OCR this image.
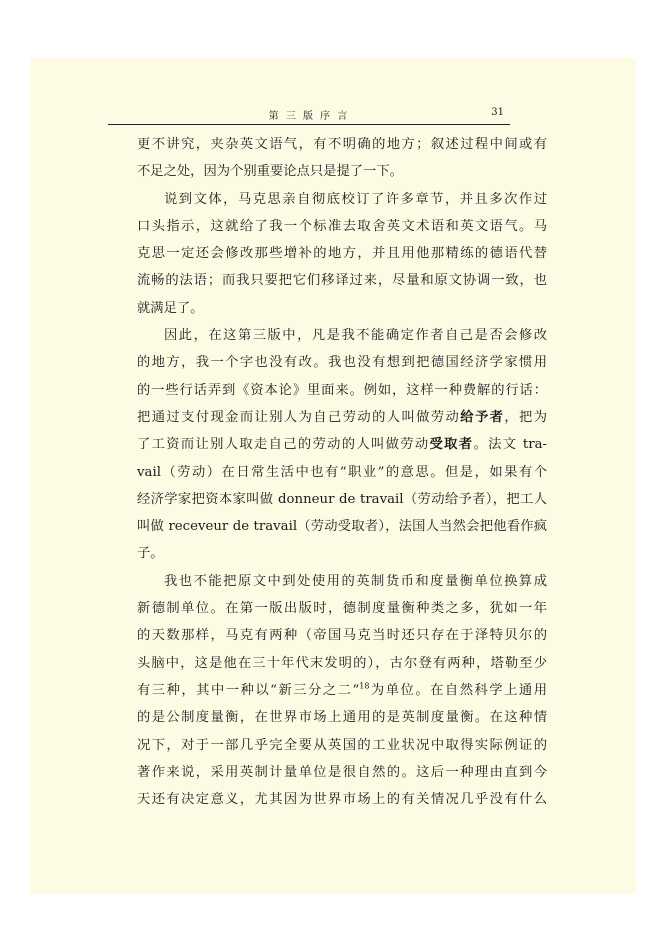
第 三 版 序 言	31
更不讲究，夹杂英文语气，有不明确的地方；叙述过程中间或有
不足之处，因为个别重要论点只是提了一下。
说到文体，马克思亲自彻底校订了许多章节，并且多次作过
口头指示，这就给了我一个标准去取舍英文术语和英文语气。马
克思一定还会修改那些增补的地方，并且用他那精练的德语代替
流畅的法语；而我只要把它们移译过来，尽量和原文协调一致，也
就满足了。
因此，在这第三版中，凡是我不能确定作者自己是否会修改
的地方，我一个字也没有改。我也没有想到把德国经济学家惯用
的一些行话弄到《资本论》里面来。例如，这样一种费解的行话：
把通过支付现金而让别人为自己劳动的人叫做劳动给予者，把为
了工资而让别人取走自己的劳动的人叫做劳动受取者。法文 tra-
vail（劳动）在日常生活中也有“职业”的意思。但是，如果有个
经济学家把资本家叫做 donneur de travail（劳动给予者），把工人
叫做 receveur de travail（劳动受取者），法国人当然会把他看作疯
子。
我也不能把原文中到处使用的英制货币和度量衡单位换算成
新德制单位。在第一版出版时，德制度量衡种类之多，犹如一年
的天数那样，马克有两种（帝国马克当时还只存在于泽特贝尔的
头脑中，这是他在三十年代末发明的），古尔登有两种，塔勒至少
有三种，其中一种以“新三分之二”$^{18}$为单位。在自然科学上通用
的是公制度量衡，在世界市场上通用的是英制度量衡。在这种情
况下，对于一部几乎完全要从英国的工业状况中取得实际例证的
著作来说，采用英制计量单位是很自然的。这后一种理由直到今
天还有决定意义，尤其因为世界市场上的有关情况几乎没有什么
